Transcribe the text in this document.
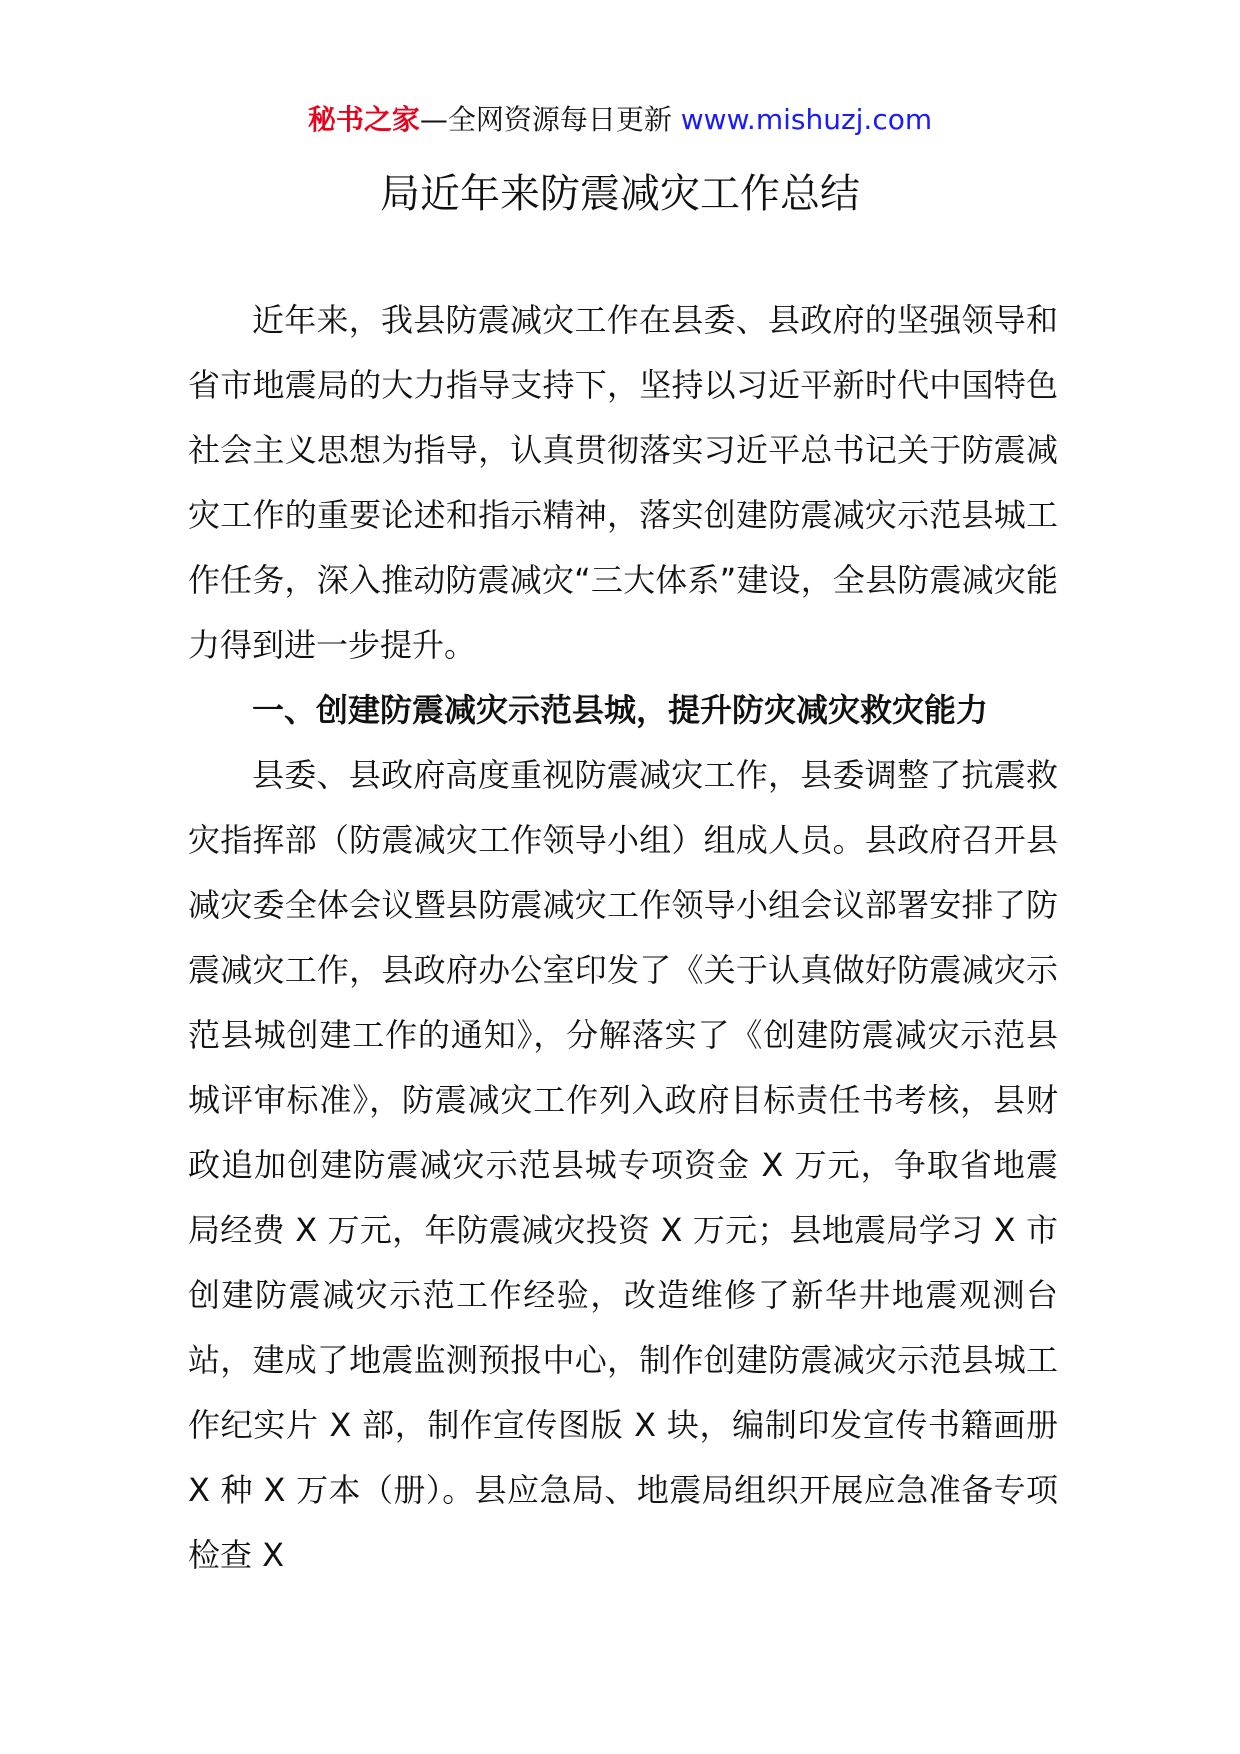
秘书之家—全网资源每日更新 www.mishuzj.com
局近年来防震减灾工作总结

近年来，我县防震减灾工作在县委、县政府的坚强领导和省市地震局的大力指导支持下，坚持以习近平新时代中国特色社会主义思想为指导，认真贯彻落实习近平总书记关于防震减灾工作的重要论述和指示精神，落实创建防震减灾示范县城工作任务，深入推动防震减灾“三大体系”建设，全县防震减灾能力得到进一步提升。

一、创建防震减灾示范县城，提升防灾减灾救灾能力

县委、县政府高度重视防震减灾工作，县委调整了抗震救灾指挥部（防震减灾工作领导小组）组成人员。县政府召开县减灾委全体会议暨县防震减灾工作领导小组会议部署安排了防震减灾工作，县政府办公室印发了《关于认真做好防震减灾示范县城创建工作的通知》，分解落实了《创建防震减灾示范县城评审标准》，防震减灾工作列入政府目标责任书考核，县财政追加创建防震减灾示范县城专项资金 X 万元，争取省地震局经费 X 万元，年防震减灾投资 X 万元；县地震局学习 X 市创建防震减灾示范工作经验，改造维修了新华井地震观测台站，建成了地震监测预报中心，制作创建防震减灾示范县城工作纪实片 X 部，制作宣传图版 X 块，编制印发宣传书籍画册 X 种 X 万本（册）。县应急局、地震局组织开展应急准备专项检查 X
